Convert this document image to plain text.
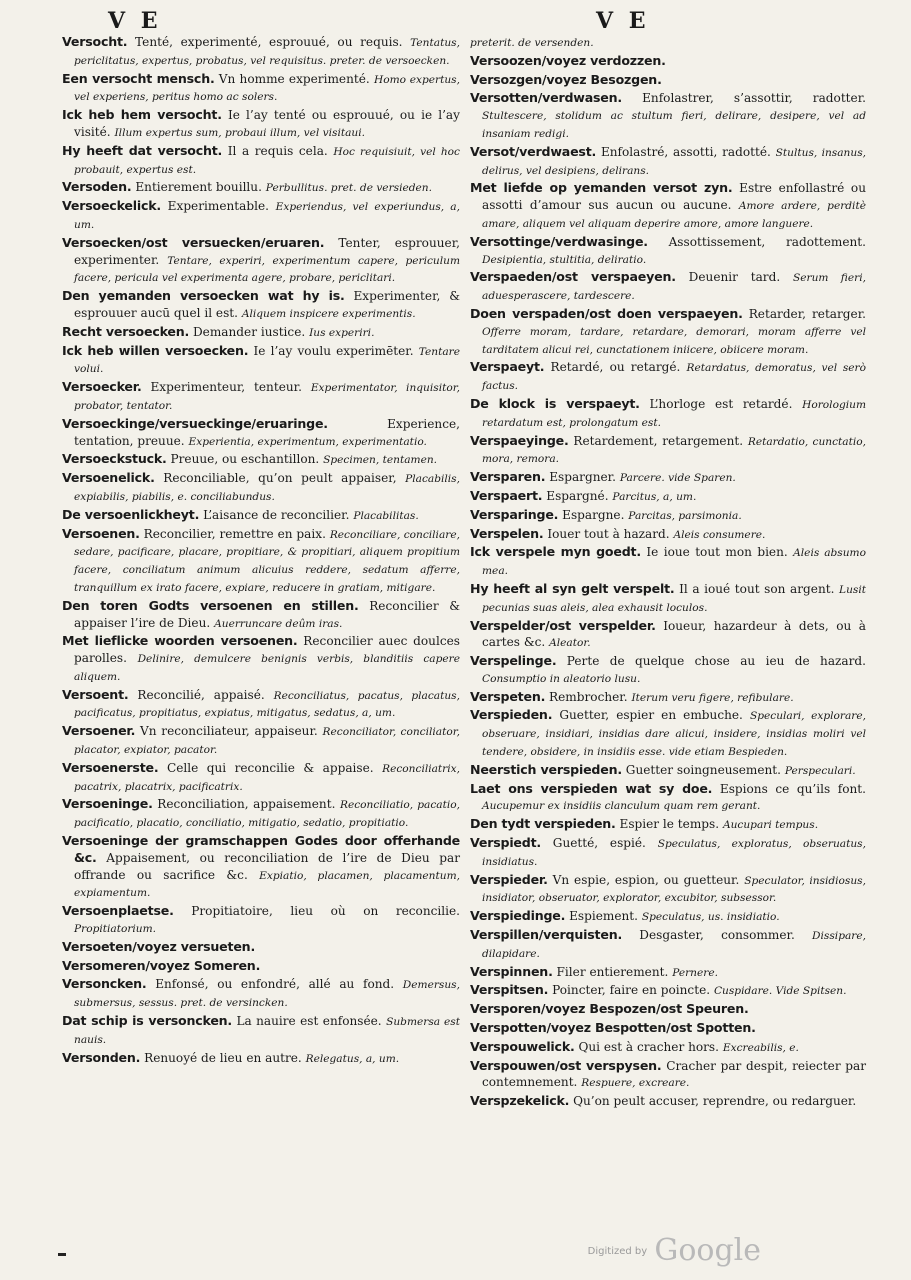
V E	V E
Versocht. Tenté, experimenté, esprouué, ou requis. Tentatus, periclitatus, expertus, probatus, vel requisitus. preter. de versoecken.
Een versocht mensch. Vn homme experimenté. Homo expertus, vel experiens, peritus homo ac solers.
Ick heb hem versocht. Ie l’ay tenté ou esprouué, ou ie l’ay visité. Illum expertus sum, probaui illum, vel visitaui.
Hy heeft dat versocht. Il a requis cela. Hoc requisiuit, vel hoc probauit, expertus est.
Versoden. Entierement bouillu. Perbullitus. pret. de versieden.
Versoeckelick. Experimentable. Experiendus, vel experiundus, a, um.
Versoecken/ost versuecken/eruaren. Tenter, esprouuer, experimenter. Tentare, experiri, experimentum capere, periculum facere, pericula vel experimenta agere, probare, periclitari.
Den yemanden versoecken wat hy is. Experimenter, & esprouuer aucū quel il est. Aliquem inspicere experimentis.
Recht versoecken. Demander iustice. Ius experiri.
Ick heb willen versoecken. Ie l’ay voulu experimēter. Tentare volui.
Versoecker. Experimenteur, tenteur. Experimentator, inquisitor, probator, tentator.
Versoeckinge/versueckinge/eruaringe.	Experience, tentation, preuue. Experientia, experimentum, experimentatio.
Versoeckstuck. Preuue, ou eschantillon. Specimen, tentamen.
Versoenelick. Reconciliable, qu’on peult appaiser, Placabilis, expiabilis, piabilis, e. conciliabundus.
De versoenlickheyt. L’aisance de reconcilier. Placabilitas.
Versoenen. Reconcilier, remettre en paix. Reconciliare, conciliare, sedare, pacificare, placare, propitiare, & propitiari, aliquem propitium facere, conciliatum animum alicuius reddere, sedatum afferre, tranquillum ex irato facere, expiare, reducere in gratiam, mitigare.
Den toren Godts versoenen en stillen. Reconcilier & appaiser l’ire de Dieu. Auerruncare deûm iras.
Met lieflicke woorden versoenen. Reconcilier auec doulces parolles. Delinire, demulcere benignis verbis, blanditiis capere aliquem.
Versoent. Reconcilié, appaisé. Reconciliatus, pacatus, placatus, pacificatus, propitiatus, expiatus, mitigatus, sedatus, a, um.
Versoener. Vn reconciliateur, appaiseur. Reconciliator, conciliator, placator, expiator, pacator.
Versoenerste. Celle qui reconcilie & appaise. Reconciliatrix, pacatrix, placatrix, pacificatrix.
Versoeninge. Reconciliation, appaisement. Reconciliatio, pacatio, pacificatio, placatio, conciliatio, mitigatio, sedatio, propitiatio.
Versoeninge der gramschappen Godes door offerhande &c. Appaisement, ou reconciliation de l’ire de Dieu par offrande ou sacrifice &c. Expiatio, placamen, placamentum, expiamentum.
Versoenplaetse. Propitiatoire, lieu où on reconcilie. Propitiatorium.
Versoeten/voyez versueten.
Versomeren/voyez Someren.
Versoncken. Enfonsé, ou enfondré, allé au fond. Demersus, submersus, sessus. pret. de versincken.
Dat schip is versoncken. La nauire est enfonsée. Submersa est nauis.
Versonden. Renuoyé de lieu en autre. Relegatus, a, um.
preterit. de versenden.
Versoozen/voyez verdozzen.
Versozgen/voyez Besozgen.
Versotten/verdwasen. Enfolastrer, s’assottir, radotter. Stultescere, stolidum ac stultum fieri, delirare, desipere, vel ad insaniam redigi.
Versot/verdwaest. Enfolastré, assotti, radotté. Stultus, insanus, delirus, vel desipiens, delirans.
Met liefde op yemanden versot zyn. Estre enfollastré ou assotti d’amour sus aucun ou aucune. Amore ardere, perditè amare, aliquem vel aliquam deperire amore, amore languere.
Versottinge/verdwasinge. Assottissement, radottement. Desipientia, stultitia, deliratio.
Verspaeden/ost verspaeyen. Deuenir tard. Serum fieri, aduesperascere, tardescere.
Doen verspaden/ost doen verspaeyen. Retarder, retarger. Offerre moram, tardare, retardare, demorari, moram afferre vel tarditatem alicui rei, cunctationem iniicere, obiicere moram.
Verspaeyt. Retardé, ou retargé. Retardatus, demoratus, vel serò factus.
De klock is verspaeyt. L’horloge est retardé. Horologium retardatum est, prolongatum est.
Verspaeyinge. Retardement, retargement. Retardatio, cunctatio, mora, remora.
Versparen. Espargner. Parcere. vide Sparen.
Verspaert. Espargné. Parcitus, a, um.
Versparinge. Espargne. Parcitas, parsimonia.
Verspelen. Iouer tout à hazard. Aleis consumere.
Ick verspele myn goedt. Ie ioue tout mon bien. Aleis absumo mea.
Hy heeft al syn gelt verspelt. Il a ioué tout son argent. Lusit pecunias suas aleis, alea exhausit loculos.
Verspelder/ost verspelder. Ioueur, hazardeur à dets, ou à cartes &c. Aleator.
Verspelinge. Perte de quelque chose au ieu de hazard. Consumptio in aleatorio lusu.
Verspeten. Rembrocher. Iterum veru figere, refibulare.
Verspieden. Guetter, espier en embuche. Speculari, explorare, obseruare, insidiari, insidias dare alicui, insidere, insidias moliri vel tendere, obsidere, in insidiis esse. vide etiam Bespieden.
Neerstich verspieden. Guetter soingneusement. Perspeculari.
Laet ons verspieden wat sy doe. Espions ce qu’ils font. Aucupemur ex insidiis clanculum quam rem gerant.
Den tydt verspieden. Espier le temps. Aucupari tempus.
Verspiedt. Guetté, espié. Speculatus, exploratus, obseruatus, insidiatus.
Verspieder. Vn espie, espion, ou guetteur. Speculator, insidiosus, insidiator, obseruator, explorator, excubitor, subsessor.
Verspiedinge. Espiement. Speculatus, us. insidiatio.
Verspillen/verquisten. Desgaster, consommer. Dissipare, dilapidare.
Verspinnen. Filer entierement. Pernere.
Verspitsen. Poincter, faire en poincte. Cuspidare. Vide Spitsen.
Versporen/voyez Bespozen/ost Speuren.
Verspotten/voyez Bespotten/ost Spotten.
Verspouwelick. Qui est à cracher hors. Excreabilis, e.
Verspouwen/ost verspysen. Cracher par despit, reiecter par contemnement. Respuere, excreare.
Verspzekelick. Qu’on peult accuser, reprendre, ou redarguer.
Digitized by Google
